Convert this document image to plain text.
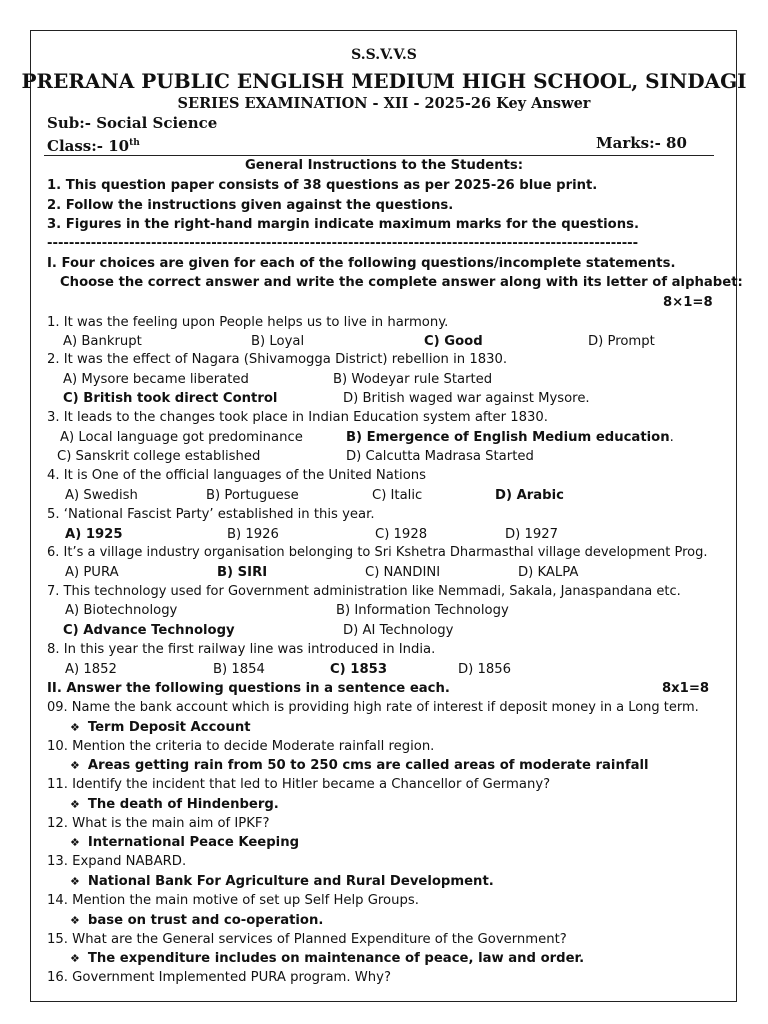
S.S.V.V.S
PRERANA PUBLIC ENGLISH MEDIUM HIGH SCHOOL, SINDAGI
SERIES EXAMINATION - XII - 2025-26 Key Answer
Sub:- Social Science
Class:- 10th	Marks:- 80
General Instructions to the Students:
1. This question paper consists of 38 questions as per 2025-26 blue print.
2. Follow the instructions given against the questions.
3. Figures in the right-hand margin indicate maximum marks for the questions.
------------------------------------------------------------------------------------------------------------
I. Four choices are given for each of the following questions/incomplete statements.
Choose the correct answer and write the complete answer along with its letter of alphabet:
8×1=8
1. It was the feeling upon People helps us to live in harmony.
A) Bankrupt	B) Loyal	C) Good	D) Prompt
2. It was the effect of Nagara (Shivamogga District) rebellion in 1830.
A) Mysore became liberated	B) Wodeyar rule Started
C) British took direct Control	D) British waged war against Mysore.
3. It leads to the changes took place in Indian Education system after 1830.
A) Local language got predominance	B) Emergence of English Medium education.
C) Sanskrit college established	D) Calcutta Madrasa Started
4. It is One of the official languages of the United Nations
A) Swedish	B) Portuguese	C) Italic	D) Arabic
5. ‘National Fascist Party’ established in this year.
A) 1925	B) 1926	C) 1928	D) 1927
6. It’s a village industry organisation belonging to Sri Kshetra Dharmasthal village development Prog.
A) PURA	B) SIRI	C) NANDINI	D) KALPA
7. This technology used for Government administration like Nemmadi, Sakala, Janaspandana etc.
A) Biotechnology	B) Information Technology
C) Advance Technology	D) AI Technology
8. In this year the first railway line was introduced in India.
A) 1852	B) 1854	C) 1853	D) 1856
II. Answer the following questions in a sentence each.	8x1=8
09. Name the bank account which is providing high rate of interest if deposit money in a Long term.
❖ Term Deposit Account
10. Mention the criteria to decide Moderate rainfall region.
❖ Areas getting rain from 50 to 250 cms are called areas of moderate rainfall
11. Identify the incident that led to Hitler became a Chancellor of Germany?
❖ The death of Hindenberg.
12. What is the main aim of IPKF?
❖ International Peace Keeping
13. Expand NABARD.
❖ National Bank For Agriculture and Rural Development.
14. Mention the main motive of set up Self Help Groups.
❖ base on trust and co-operation.
15. What are the General services of Planned Expenditure of the Government?
❖ The expenditure includes on maintenance of peace, law and order.
16. Government Implemented PURA program. Why?
